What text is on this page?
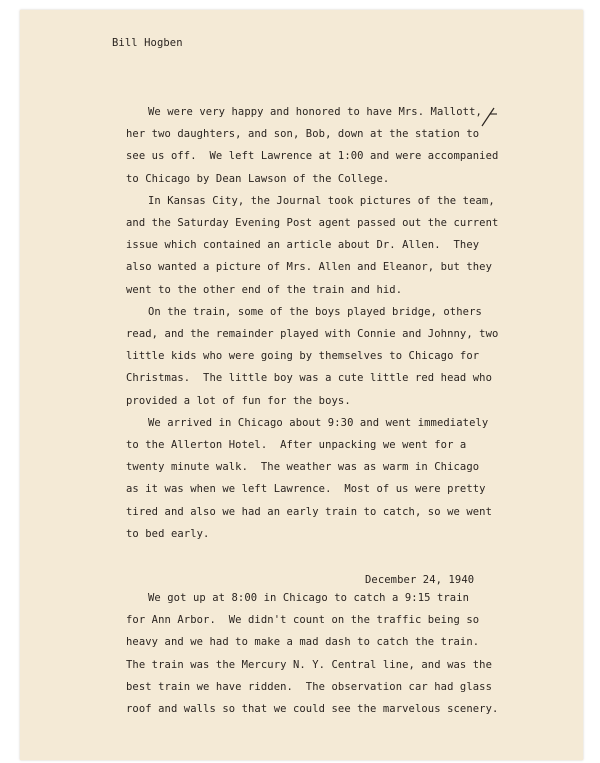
Bill Hogben
We were very happy and honored to have Mrs. Mallott,
her two daughters, and son, Bob, down at the station to
see us off.  We left Lawrence at 1:00 and were accompanied
to Chicago by Dean Lawson of the College.
In Kansas City, the Journal took pictures of the team,
and the Saturday Evening Post agent passed out the current
issue which contained an article about Dr. Allen.  They
also wanted a picture of Mrs. Allen and Eleanor, but they
went to the other end of the train and hid.
On the train, some of the boys played bridge, others
read, and the remainder played with Connie and Johnny, two
little kids who were going by themselves to Chicago for
Christmas.  The little boy was a cute little red head who
provided a lot of fun for the boys.
We arrived in Chicago about 9:30 and went immediately
to the Allerton Hotel.  After unpacking we went for a
twenty minute walk.  The weather was as warm in Chicago
as it was when we left Lawrence.  Most of us were pretty
tired and also we had an early train to catch, so we went
to bed early.
We got up at 8:00 in Chicago to catch a 9:15 train
for Ann Arbor.  We didn't count on the traffic being so
heavy and we had to make a mad dash to catch the train.
The train was the Mercury N. Y. Central line, and was the
best train we have ridden.  The observation car had glass
roof and walls so that we could see the marvelous scenery.
December 24, 1940
